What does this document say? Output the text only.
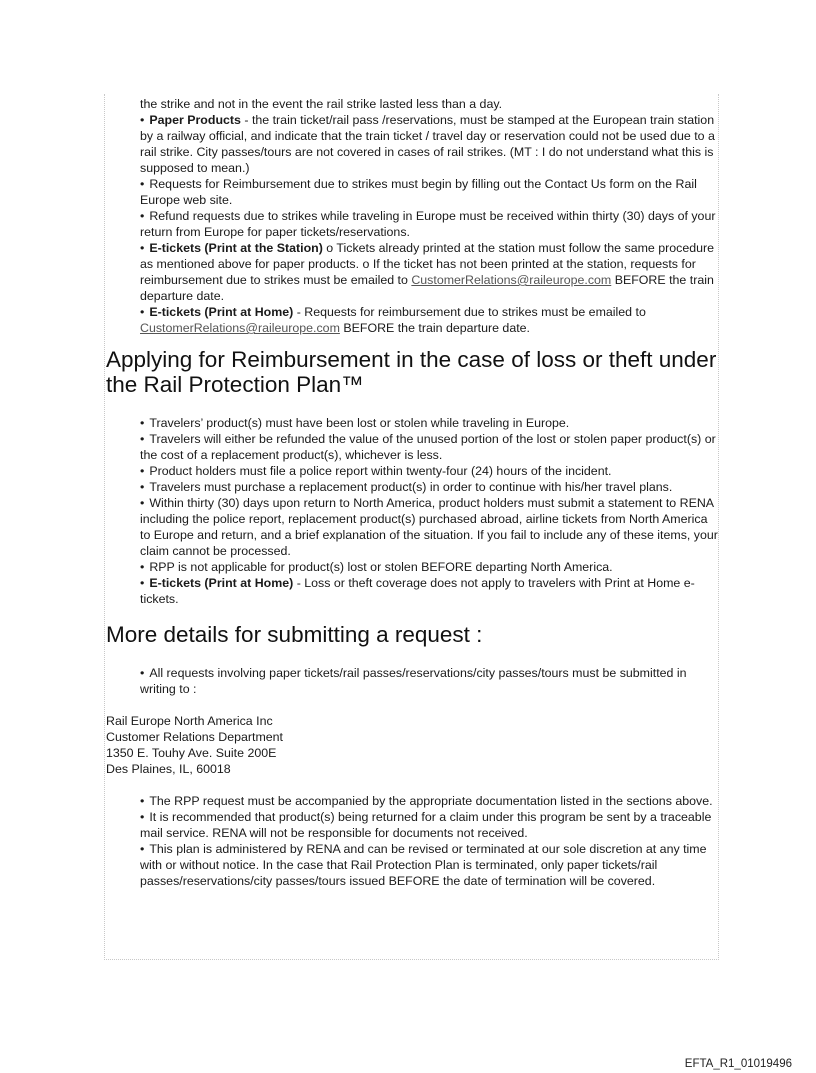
the strike and not in the event the rail strike lasted less than a day.

• Paper Products - the train ticket/rail pass /reservations, must be stamped at the European train station by a railway official, and indicate that the train ticket / travel day or reservation could not be used due to a rail strike. City passes/tours are not covered in cases of rail strikes. (MT : I do not understand what this is supposed to mean.)

• Requests for Reimbursement due to strikes must begin by filling out the Contact Us form on the Rail Europe web site.

• Refund requests due to strikes while traveling in Europe must be received within thirty (30) days of your return from Europe for paper tickets/reservations.

• E-tickets (Print at the Station) o Tickets already printed at the station must follow the same procedure as mentioned above for paper products. o If the ticket has not been printed at the station, requests for reimbursement due to strikes must be emailed to CustomerRelations@raileurope.com BEFORE the train departure date.

• E-tickets (Print at Home) - Requests for reimbursement due to strikes must be emailed to CustomerRelations@raileurope.com BEFORE the train departure date.

Applying for Reimbursement in the case of loss or theft under the Rail Protection Plan™

• Travelers’ product(s) must have been lost or stolen while traveling in Europe.

• Travelers will either be refunded the value of the unused portion of the lost or stolen paper product(s) or the cost of a replacement product(s), whichever is less.

• Product holders must file a police report within twenty-four (24) hours of the incident.

• Travelers must purchase a replacement product(s) in order to continue with his/her travel plans.

• Within thirty (30) days upon return to North America, product holders must submit a statement to RENA including the police report, replacement product(s) purchased abroad, airline tickets from North America to Europe and return, and a brief explanation of the situation. If you fail to include any of these items, your claim cannot be processed.

• RPP is not applicable for product(s) lost or stolen BEFORE departing North America.

• E-tickets (Print at Home) - Loss or theft coverage does not apply to travelers with Print at Home e-tickets.

More details for submitting a request :

• All requests involving paper tickets/rail passes/reservations/city passes/tours must be submitted in writing to :

Rail Europe North America Inc
Customer Relations Department
1350 E. Touhy Ave. Suite 200E
Des Plaines, IL, 60018

• The RPP request must be accompanied by the appropriate documentation listed in the sections above.

• It is recommended that product(s) being returned for a claim under this program be sent by a traceable mail service. RENA will not be responsible for documents not received.

• This plan is administered by RENA and can be revised or terminated at our sole discretion at any time with or without notice. In the case that Rail Protection Plan is terminated, only paper tickets/rail passes/reservations/city passes/tours issued BEFORE the date of termination will be covered.

EFTA_R1_01019496
